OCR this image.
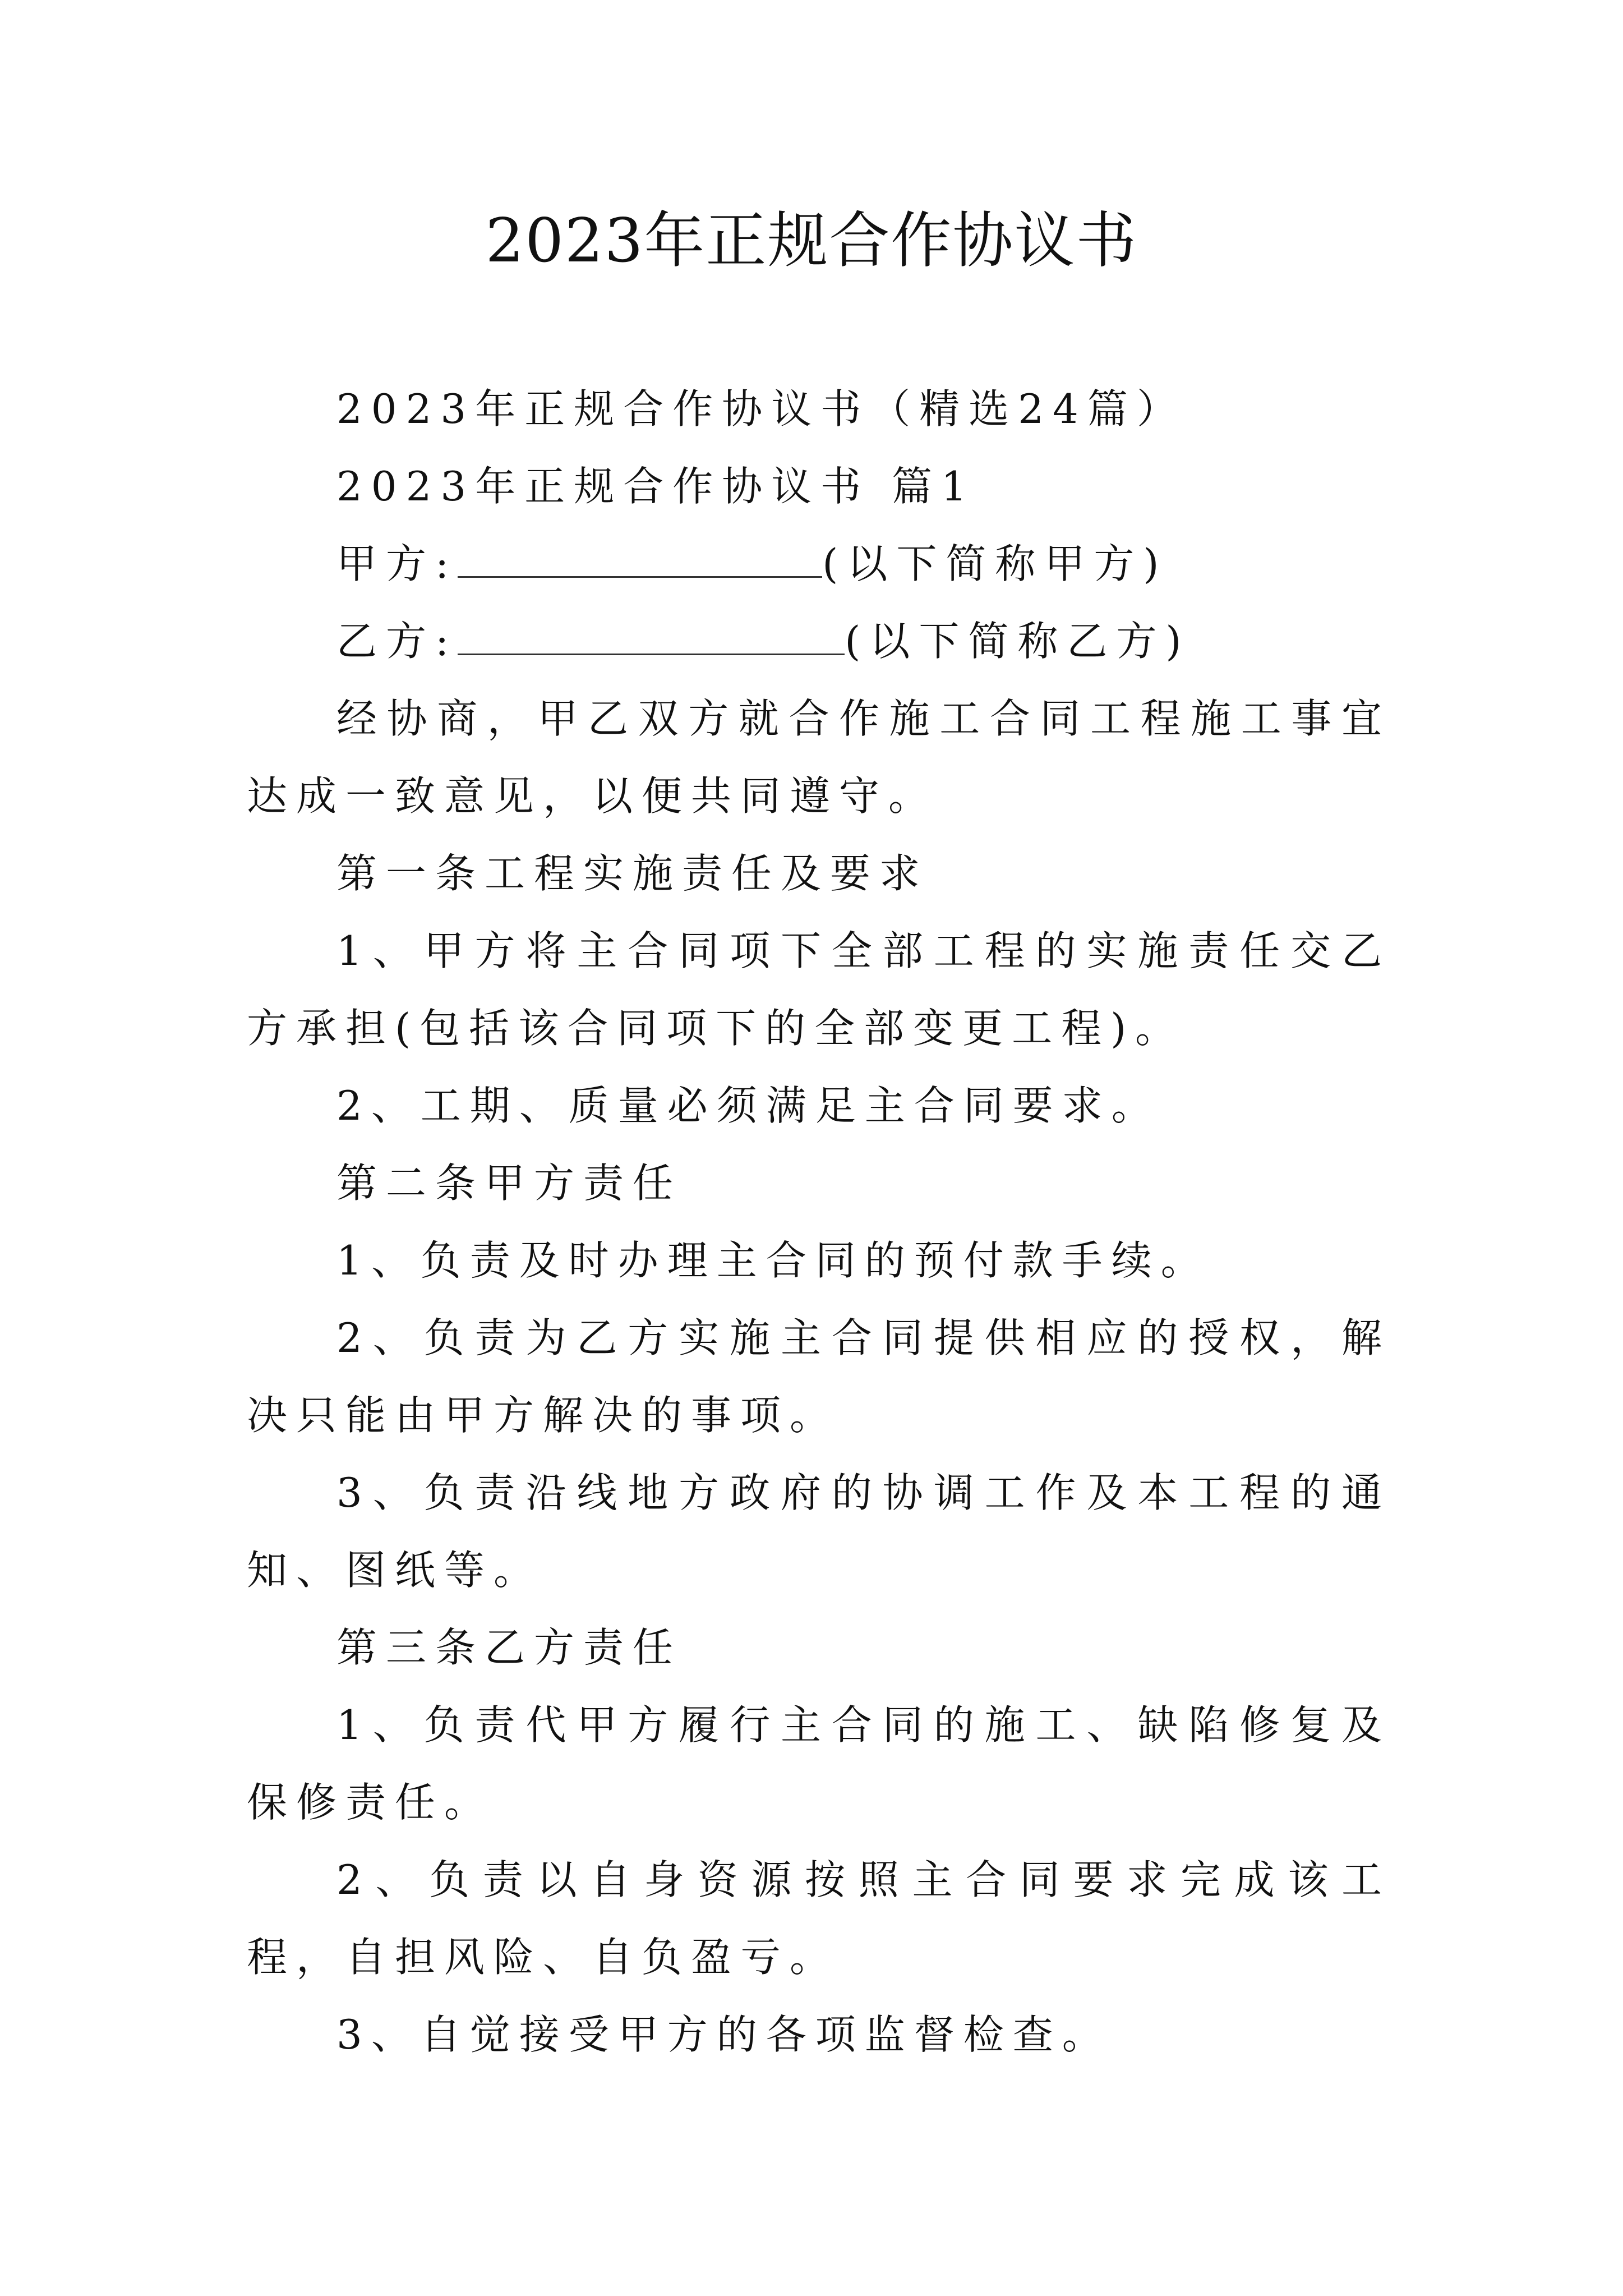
2023年正规合作协议书

2023年正规合作协议书（精选24篇）

2023年正规合作协议书 篇1

甲方:	(以下简称甲方)

乙方:	(以下简称乙方)

经协商，甲乙双方就合作施工合同工程施工事宜达成一致意见，以便共同遵守。

第一条工程实施责任及要求

1、甲方将主合同项下全部工程的实施责任交乙方承担(包括该合同项下的全部变更工程)。

2、工期、质量必须满足主合同要求。

第二条甲方责任

1、负责及时办理主合同的预付款手续。

2、负责为乙方实施主合同提供相应的授权，解决只能由甲方解决的事项。

3、负责沿线地方政府的协调工作及本工程的通知、图纸等。

第三条乙方责任

1、负责代甲方履行主合同的施工、缺陷修复及保修责任。

2、负责以自身资源按照主合同要求完成该工程，自担风险、自负盈亏。

3、自觉接受甲方的各项监督检查。
